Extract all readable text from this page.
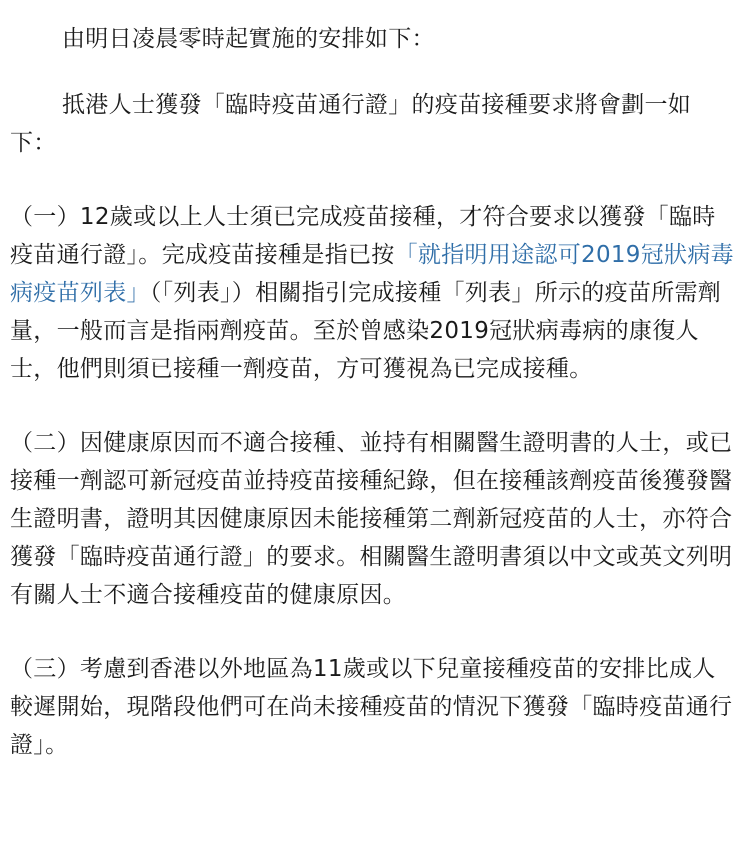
由明日凌晨零時起實施的安排如下：

抵港人士獲發「臨時疫苗通行證」的疫苗接種要求將會劃一如下：

（一）12歲或以上人士須已完成疫苗接種，才符合要求以獲發「臨時疫苗通行證」。完成疫苗接種是指已按「就指明用途認可2019冠狀病毒病疫苗列表」（「列表」）相關指引完成接種「列表」所示的疫苗所需劑量，一般而言是指兩劑疫苗。至於曾感染2019冠狀病毒病的康復人士，他們則須已接種一劑疫苗，方可獲視為已完成接種。

（二）因健康原因而不適合接種、並持有相關醫生證明書的人士，或已接種一劑認可新冠疫苗並持疫苗接種紀錄，但在接種該劑疫苗後獲發醫生證明書，證明其因健康原因未能接種第二劑新冠疫苗的人士，亦符合獲發「臨時疫苗通行證」的要求。相關醫生證明書須以中文或英文列明有關人士不適合接種疫苗的健康原因。

（三）考慮到香港以外地區為11歲或以下兒童接種疫苗的安排比成人較遲開始，現階段他們可在尚未接種疫苗的情況下獲發「臨時疫苗通行證」。
